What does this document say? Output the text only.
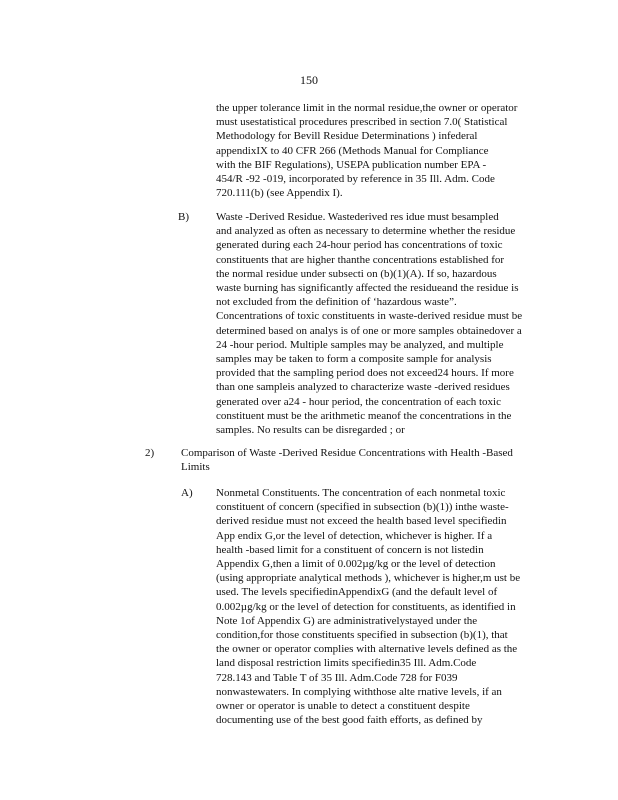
150
the upper tolerance limit in the normal residue,the owner or operator
must usestatistical procedures prescribed in section 7.0( Statistical
Methodology for Bevill Residue Determinations ) infederal
appendixIX to 40 CFR 266 (Methods Manual for Compliance
with the BIF Regulations), USEPA publication number EPA -
454/R -92 -019, incorporated by reference in 35 Ill. Adm. Code
720.111(b) (see Appendix I).
B) Waste -Derived Residue. Wastederived res idue must besampled
and analyzed as often as necessary to determine whether the residue
generated during each 24-hour period has concentrations of toxic
constituents that are higher thanthe concentrations established for
the normal residue under subsecti on (b)(1)(A). If so, hazardous
waste burning has significantly affected the residueand the residue is
not excluded from the definition of ‘hazardous waste”.
Concentrations of toxic constituents in waste-derived residue must be
determined based on analys is of one or more samples obtainedover a
24 -hour period. Multiple samples may be analyzed, and multiple
samples may be taken to form a composite sample for analysis
provided that the sampling period does not exceed24 hours. If more
than one sampleis analyzed to characterize waste -derived residues
generated over a24 - hour period, the concentration of each toxic
constituent must be the arithmetic meanof the concentrations in the
samples. No results can be disregarded ; or
2) Comparison of Waste -Derived Residue Concentrations with Health -Based
Limits
A) Nonmetal Constituents. The concentration of each nonmetal toxic
constituent of concern (specified in subsection (b)(1)) inthe waste-
derived residue must not exceed the health based level specifiedin
App endix G,or the level of detection, whichever is higher. If a
health -based limit for a constituent of concern is not listedin
Appendix G,then a limit of 0.002µg/kg or the level of detection
(using appropriate analytical methods ), whichever is higher,m ust be
used. The levels specifiedinAppendixG (and the default level of
0.002µg/kg or the level of detection for constituents, as identified in
Note 1of Appendix G) are administrativelystayed under the
condition,for those constituents specified in subsection (b)(1), that
the owner or operator complies with alternative levels defined as the
land disposal restriction limits specifiedin35 Ill. Adm.Code
728.143 and Table T of 35 Ill. Adm.Code 728 for F039
nonwastewaters. In complying withthose alte rnative levels, if an
owner or operator is unable to detect a constituent despite
documenting use of the best good faith efforts, as defined by
